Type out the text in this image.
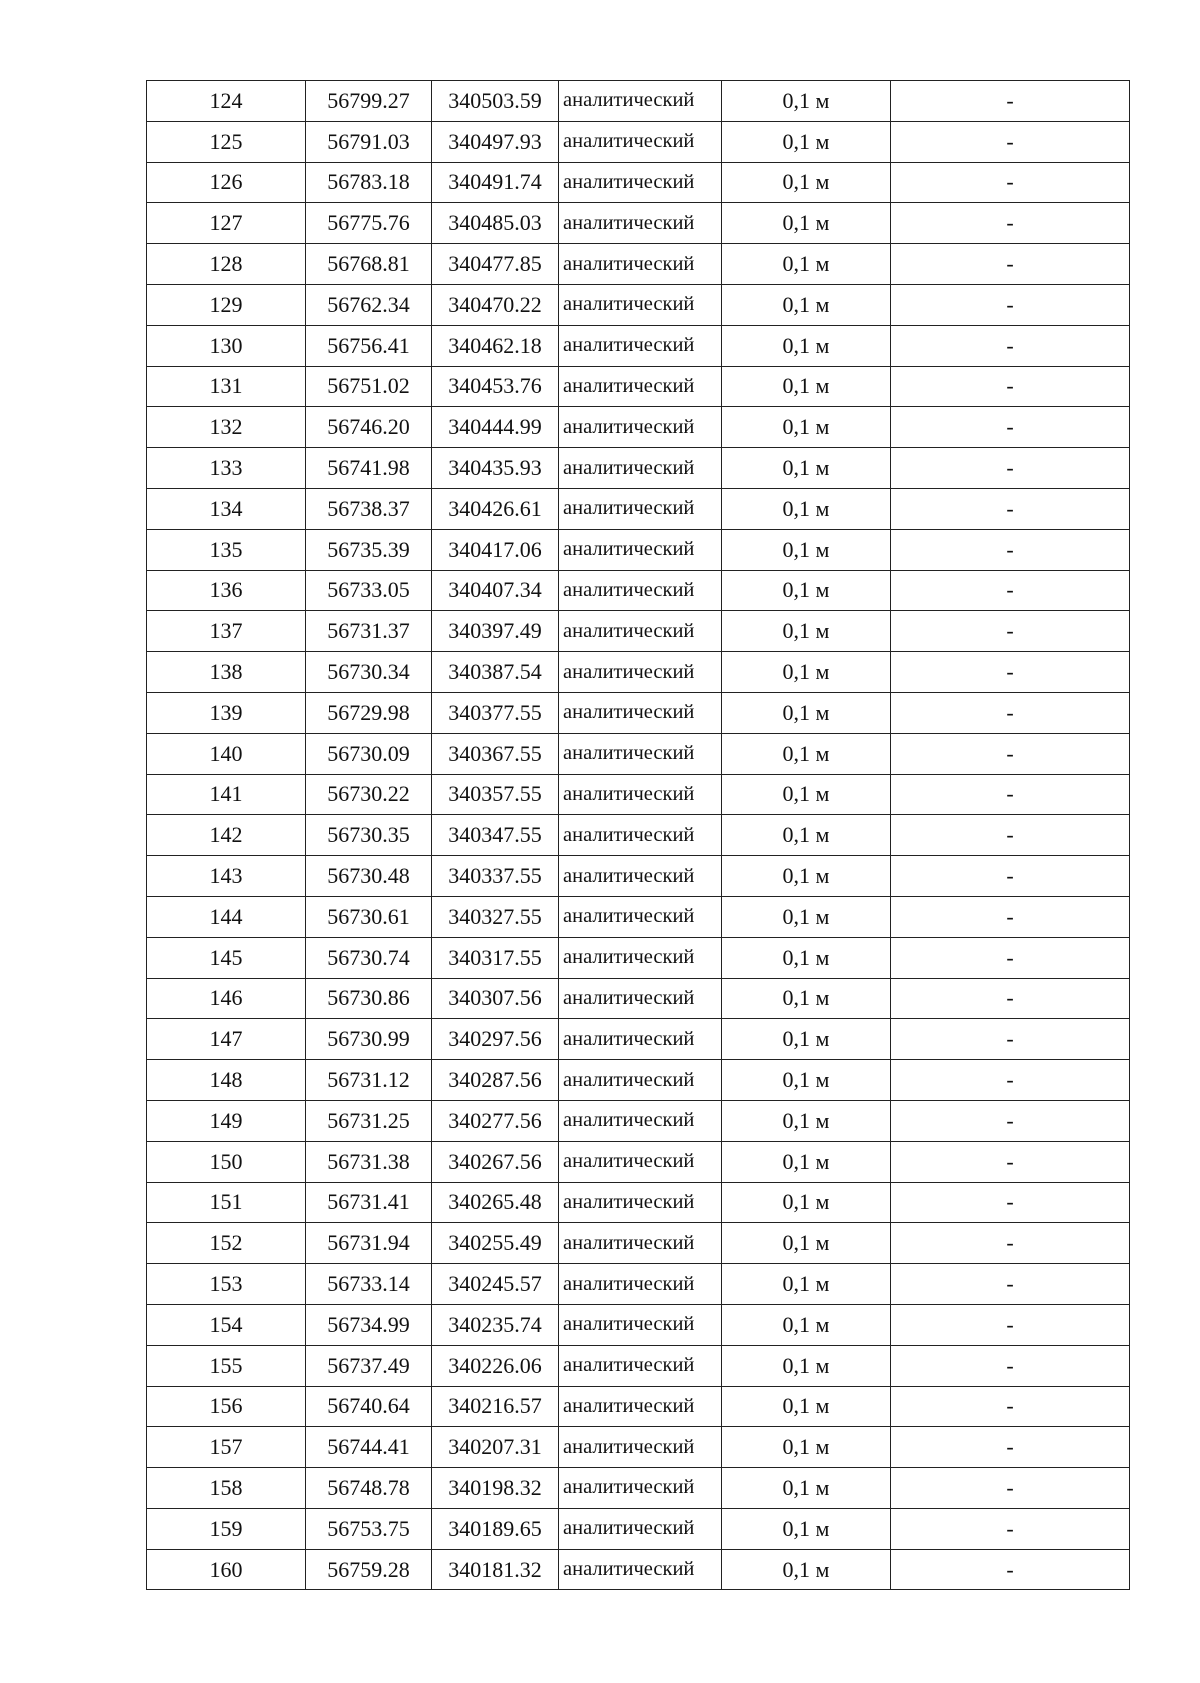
124	56799.27	340503.59	аналитический	0,1 м	-
125	56791.03	340497.93	аналитический	0,1 м	-
126	56783.18	340491.74	аналитический	0,1 м	-
127	56775.76	340485.03	аналитический	0,1 м	-
128	56768.81	340477.85	аналитический	0,1 м	-
129	56762.34	340470.22	аналитический	0,1 м	-
130	56756.41	340462.18	аналитический	0,1 м	-
131	56751.02	340453.76	аналитический	0,1 м	-
132	56746.20	340444.99	аналитический	0,1 м	-
133	56741.98	340435.93	аналитический	0,1 м	-
134	56738.37	340426.61	аналитический	0,1 м	-
135	56735.39	340417.06	аналитический	0,1 м	-
136	56733.05	340407.34	аналитический	0,1 м	-
137	56731.37	340397.49	аналитический	0,1 м	-
138	56730.34	340387.54	аналитический	0,1 м	-
139	56729.98	340377.55	аналитический	0,1 м	-
140	56730.09	340367.55	аналитический	0,1 м	-
141	56730.22	340357.55	аналитический	0,1 м	-
142	56730.35	340347.55	аналитический	0,1 м	-
143	56730.48	340337.55	аналитический	0,1 м	-
144	56730.61	340327.55	аналитический	0,1 м	-
145	56730.74	340317.55	аналитический	0,1 м	-
146	56730.86	340307.56	аналитический	0,1 м	-
147	56730.99	340297.56	аналитический	0,1 м	-
148	56731.12	340287.56	аналитический	0,1 м	-
149	56731.25	340277.56	аналитический	0,1 м	-
150	56731.38	340267.56	аналитический	0,1 м	-
151	56731.41	340265.48	аналитический	0,1 м	-
152	56731.94	340255.49	аналитический	0,1 м	-
153	56733.14	340245.57	аналитический	0,1 м	-
154	56734.99	340235.74	аналитический	0,1 м	-
155	56737.49	340226.06	аналитический	0,1 м	-
156	56740.64	340216.57	аналитический	0,1 м	-
157	56744.41	340207.31	аналитический	0,1 м	-
158	56748.78	340198.32	аналитический	0,1 м	-
159	56753.75	340189.65	аналитический	0,1 м	-
160	56759.28	340181.32	аналитический	0,1 м	-
